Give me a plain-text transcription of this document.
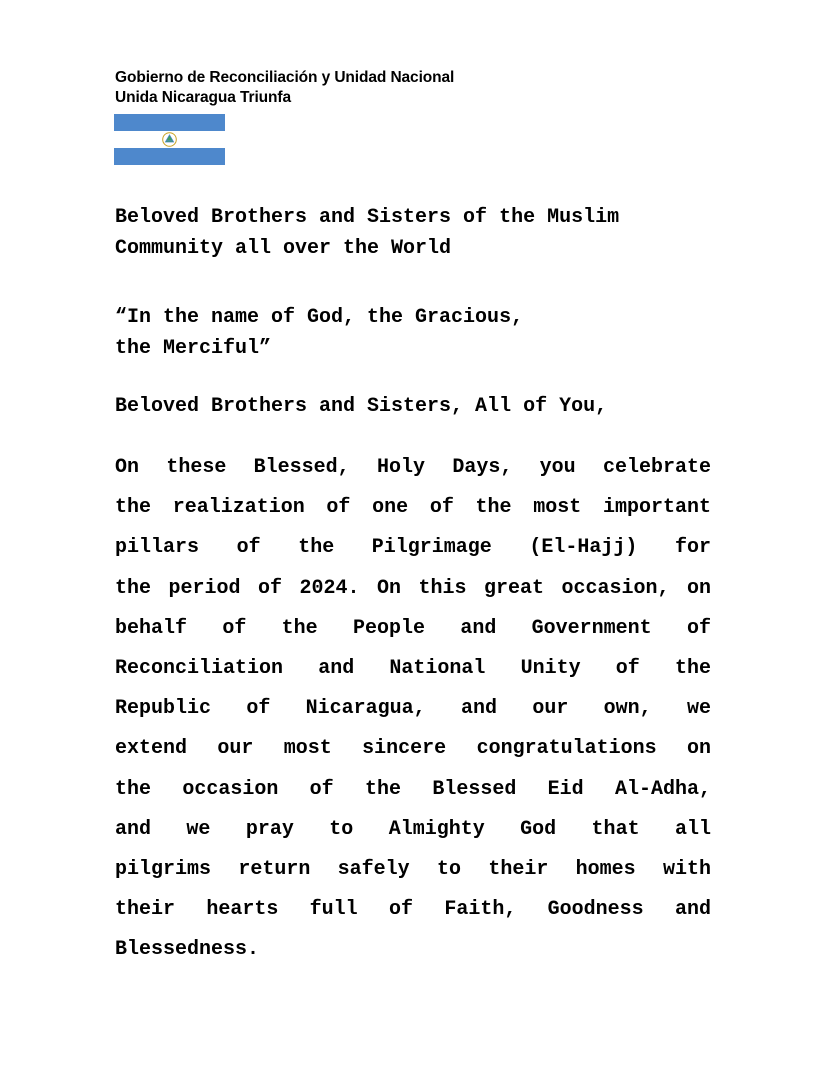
Gobierno de Reconciliación y Unidad Nacional
Unida Nicaragua Triunfa
Beloved Brothers and Sisters of the Muslim
Community all over the World
“In the name of God, the Gracious,
the Merciful”
Beloved Brothers and Sisters, All of You,
On these Blessed, Holy Days, you celebrate
the realization of one of the most important
pillars of the Pilgrimage (El-Hajj) for
the period of 2024. On this great occasion, on
behalf of the People and Government of
Reconciliation and National Unity of the
Republic of Nicaragua, and our own, we
extend our most sincere congratulations on
the occasion of the Blessed Eid Al-Adha,
and we pray to Almighty God that all
pilgrims return safely to their homes with
their hearts full of Faith, Goodness and
Blessedness.
